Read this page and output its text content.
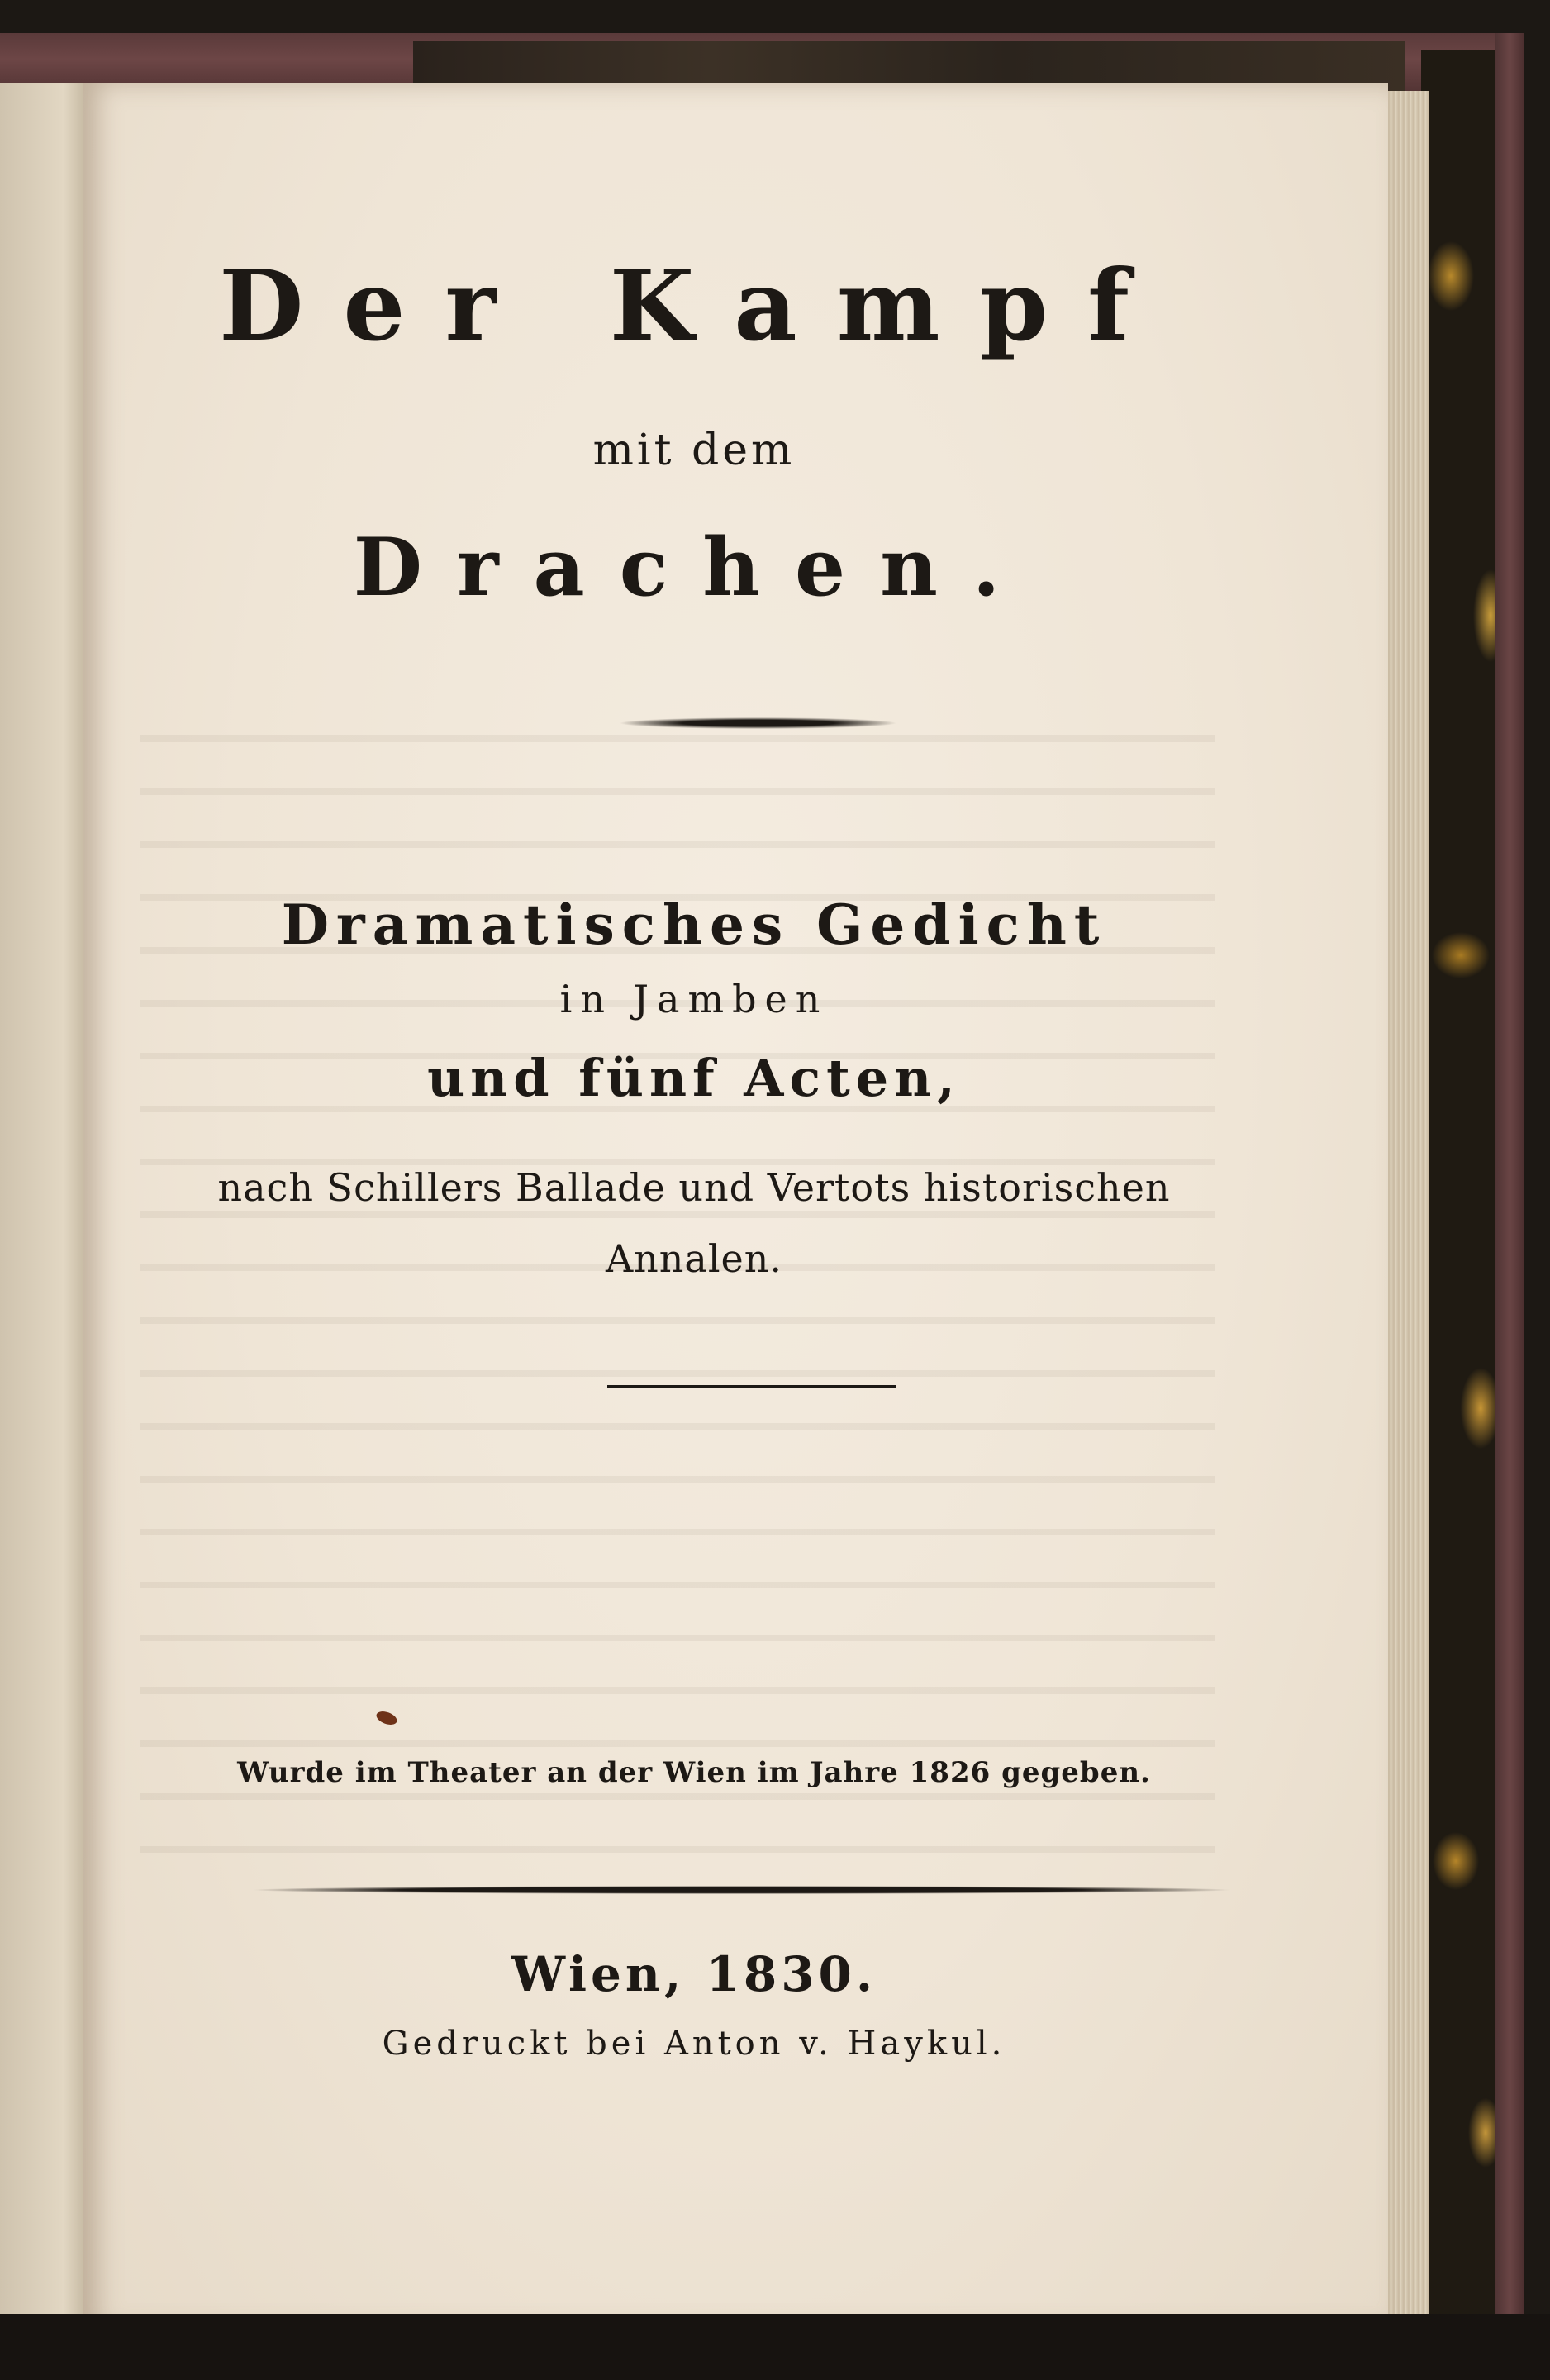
Der Kampf
mit dem
Drachen.
Dramatisches Gedicht
in Jamben
und fünf Acten,
nach Schillers Ballade und Vertots historischen
Annalen.
Wurde im Theater an der Wien im Jahre 1826 gegeben.
Wien, 1830.
Gedruckt bei Anton v. Haykul.
